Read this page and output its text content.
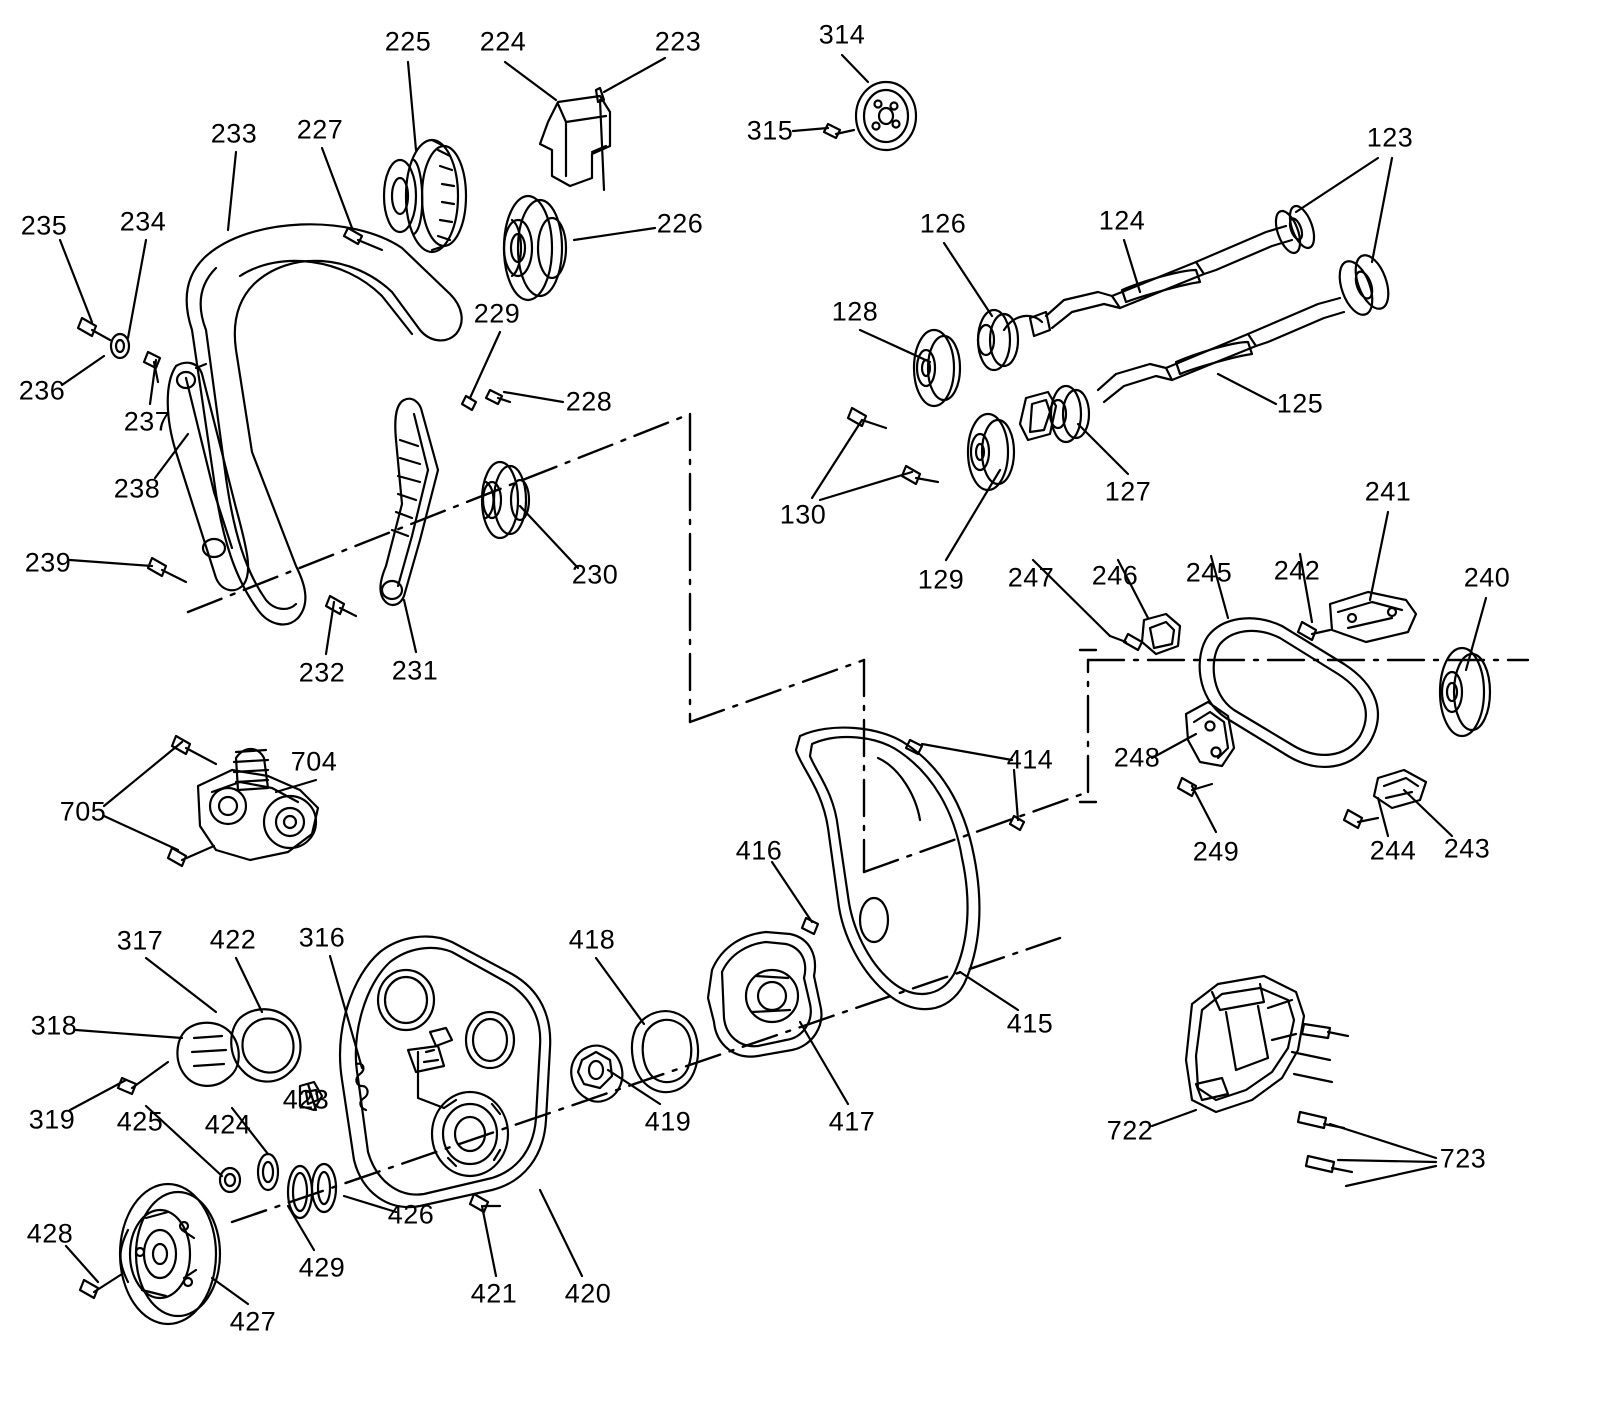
225 224	223	314
233 227	315	123
235 234	126	124
226
128
236
237
229
228	125
238
230
127
130
239
129 247 246 245 242
241
240
232 231
704
705
414 248
416	249	244 243
317 422 316	418
415
318
319 425 424
423
419	417	722
723
426
428
429
421 420
427
